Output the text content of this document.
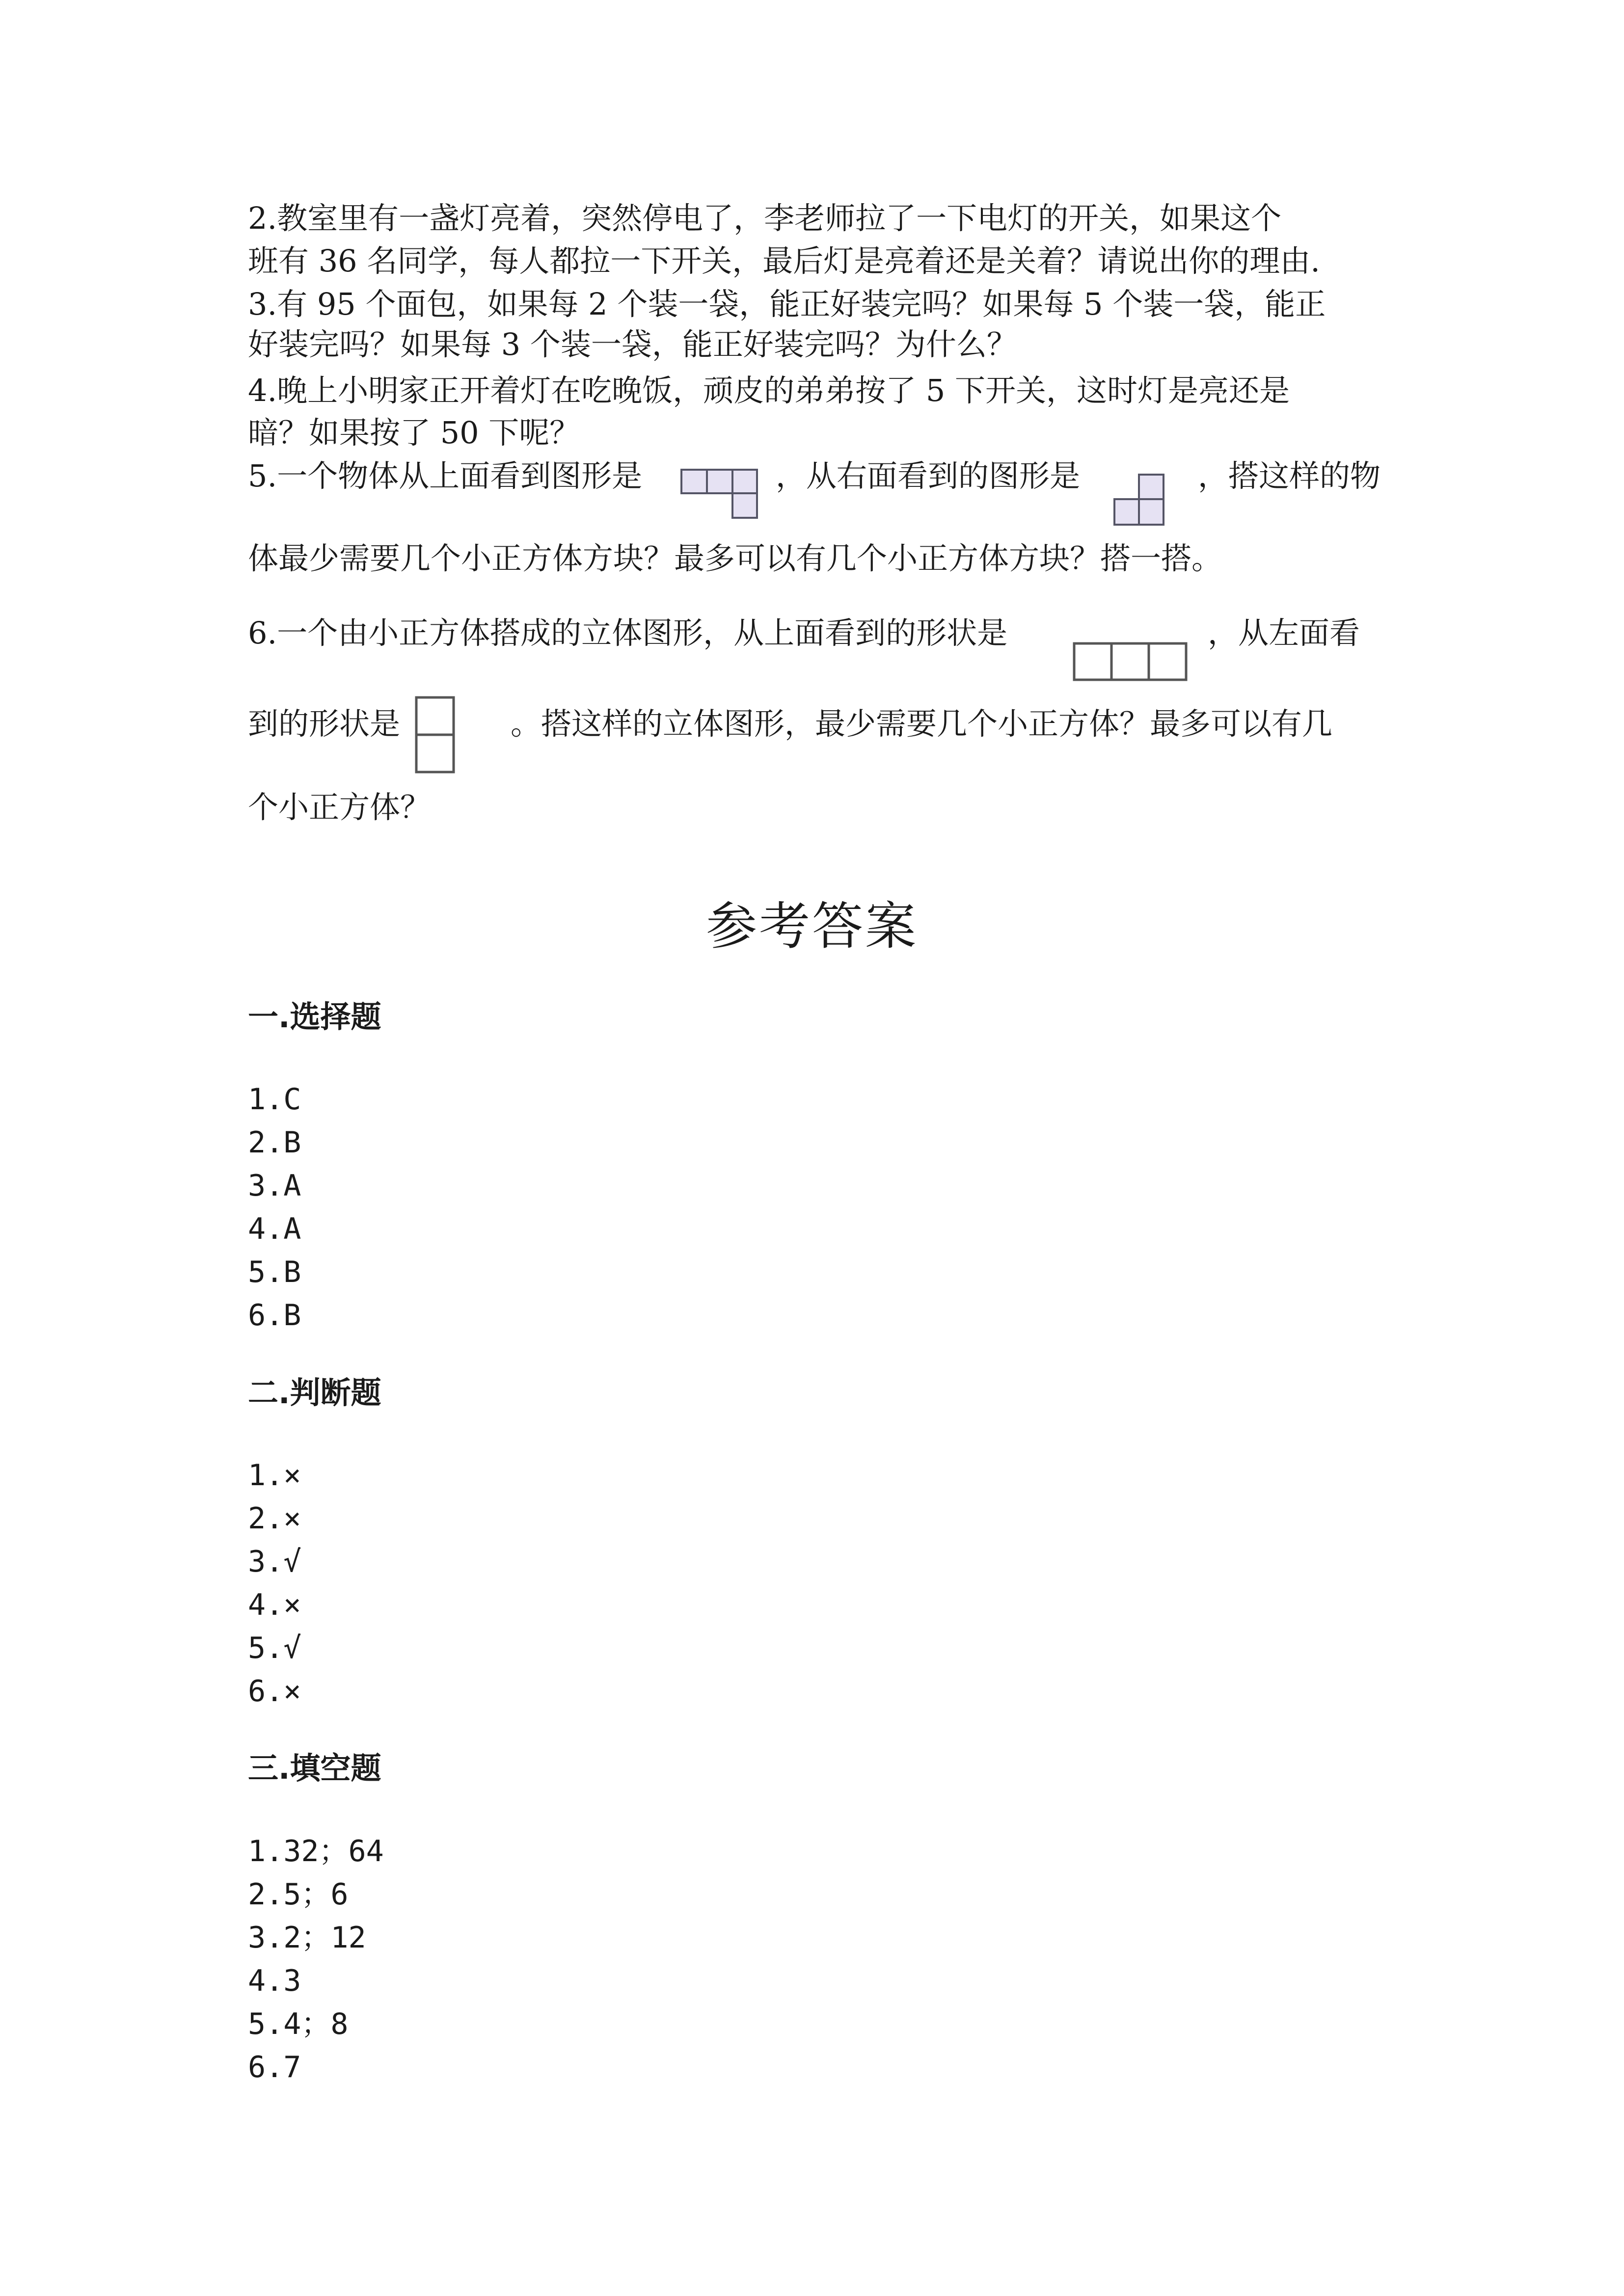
2.教室里有一盏灯亮着，突然停电了，李老师拉了一下电灯的开关，如果这个
班有 36 名同学，每人都拉一下开关，最后灯是亮着还是关着？请说出你的理由.
3.有 95 个面包，如果每 2 个装一袋，能正好装完吗？如果每 5 个装一袋，能正
好装完吗？如果每 3 个装一袋，能正好装完吗？为什么？
4.晚上小明家正开着灯在吃晚饭，顽皮的弟弟按了 5 下开关，这时灯是亮还是
暗？如果按了 50 下呢？
5.一个物体从上面看到图形是	，从右面看到的图形是	，搭这样的物
体最少需要几个小正方体方块？最多可以有几个小正方体方块？搭一搭。
6.一个由小正方体搭成的立体图形，从上面看到的形状是	，从左面看
到的形状是	。搭这样的立体图形，最少需要几个小正方体？最多可以有几
个小正方体？
参考答案
一.选择题
1.C
2.B
3.A
4.A
5.B
6.B
二.判断题
1.×
2.×
3.√
4.×
5.√
6.×
三.填空题
1.32；64
2.5；6
3.2；12
4.3
5.4；8
6.7
